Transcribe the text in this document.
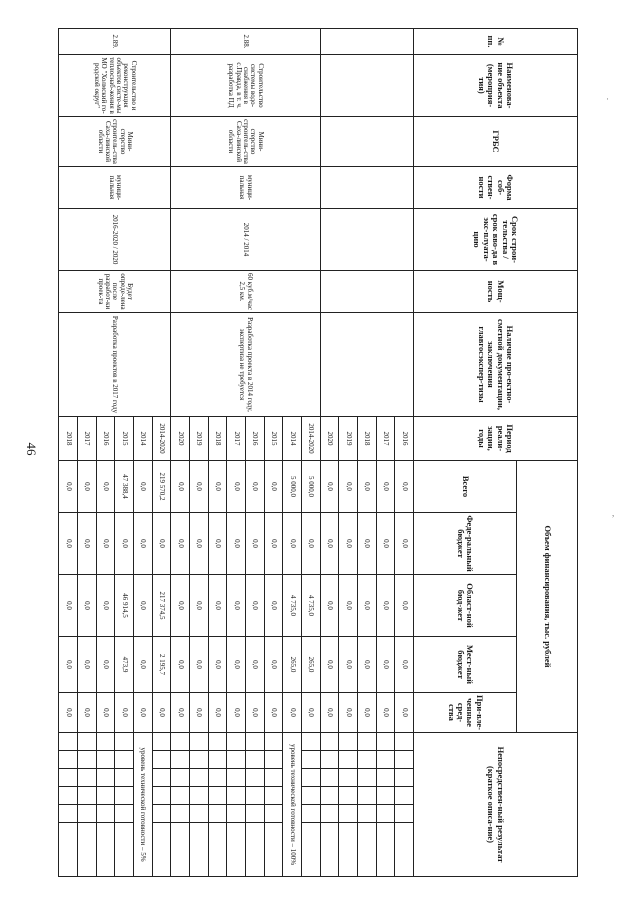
46
·
,
№ пп.	Наименова-ние объекта (мероприя-тия)	ГРБС	Форма соб-ствен-ности	Срок строи-тельства / срок вво-да в экс-плуата-цию	Мощ-ность	Наличие про-ектно-сметной документации, заключения главгосэкспер-тизы	Период реали-зации, годы	Объем финансирования, тыс. рублей					Непосредствен-ный результат (краткое описа-ние)					
								Всего	Феде-ральный бюджет	Област-ной бюд-жет	Мест-ный бюджет	При-вле-ченные сред-ства						
							2016	0,0	0,0	0,0	0,0	0,0						
							2017	0,0	0,0	0,0	0,0	0,0						
							2018	0,0	0,0	0,0	0,0	0,0						
							2019	0,0	0,0	0,0	0,0	0,0						
							2020	0,0	0,0	0,0	0,0	0,0						
2.88.	Строительство системы водо-снабжения в с.Правда, в т. ч. разработка ПД	Мини-стерство строитель-ства Саха-линской области	муници-пальная	2014 / 2014	60 куб.м/час 2,5 км.	Разработка проекта в 2014 году, экспертиза не требуется	2014-2020	5 000,0	0,0	4 735,0	265,0	0,0						
							2014	5 000,0	0,0	4 735,0	265,0	0,0	уровень технической готовности – 100%					
							2015	0,0	0,0	0,0	0,0	0,0						
							2016	0,0	0,0	0,0	0,0	0,0						
							2017	0,0	0,0	0,0	0,0	0,0						
							2018	0,0	0,0	0,0	0,0	0,0						
							2019	0,0	0,0	0,0	0,0	0,0						
							2020	0,0	0,0	0,0	0,0	0,0						
2.89.	Строительство и реконструкция объектов систе-мы теплоснаб-жения в МО "Холмский го-родской округ"	Мини-стерство строитель-ства Саха-линской области	муници-пальная	2016-2020 / 2020	Будет опреде-лена после разработ-ки проек-та	Разработка проектов в 2017 году	2014-2020	219 570,2	0,0	217 374,5	2 195,7	0,0						
							2014	0,0	0,0	0,0	0,0	0,0	уровень технической готовности – 5%					
							2015	47 388,4	0,0	46 914,5	473,9	0,0						
							2016	0,0	0,0	0,0	0,0	0,0						
							2017	0,0	0,0	0,0	0,0	0,0						
							2018	0,0	0,0	0,0	0,0	0,0						
